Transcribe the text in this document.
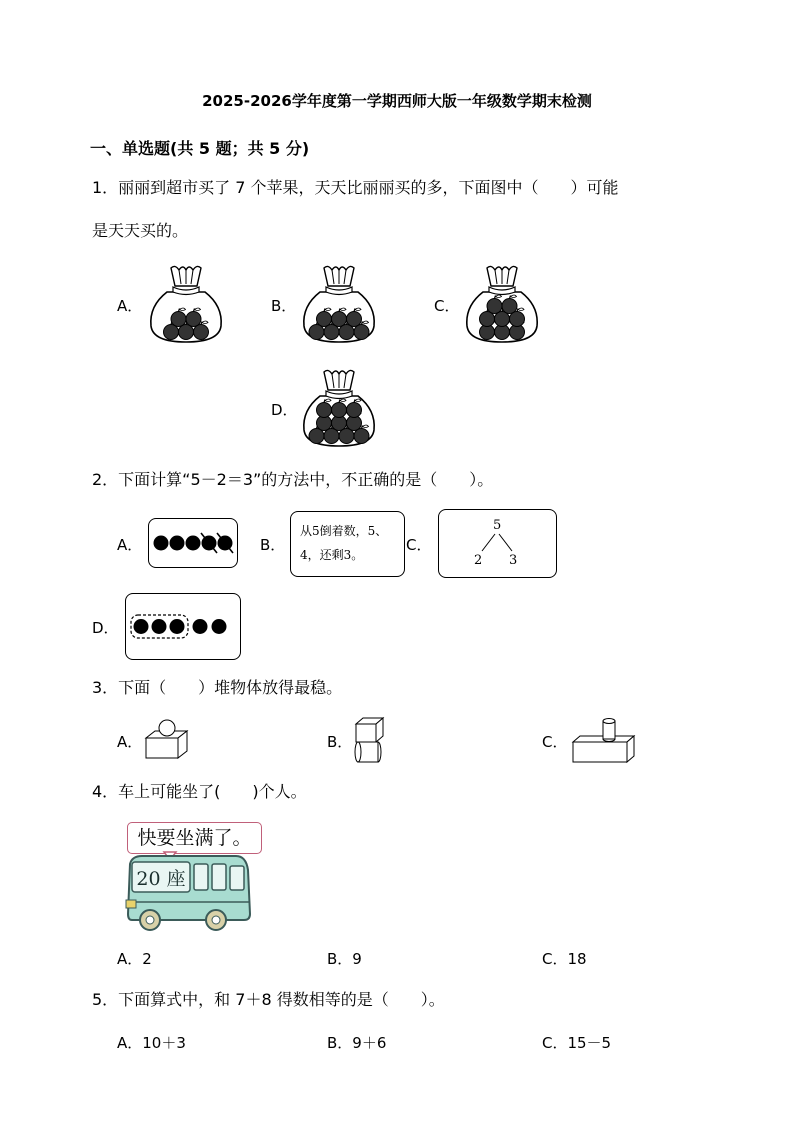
2025-2026学年度第一学期西师大版一年级数学期末检测
一、单选题(共 5 题；共 5 分)
1．丽丽到超市买了 7 个苹果，天天比丽丽买的多，下面图中（　　）可能
是天天买的。
A．	B．	C．
D．
2．下面计算“5－2＝3”的方法中，不正确的是（　　）。
A．	B．
从5倒着数，5、
4，还剩3。
C．
5
2 3
D．
3．下面（　　）堆物体放得最稳。
A．	B．	C．
4．车上可能坐了(　　)个人。
快要坐满了。
20 座
A．2	B．9	C．18
5．下面算式中，和 7＋8 得数相等的是（　　）。
A．10＋3	B．9＋6	C．15－5
